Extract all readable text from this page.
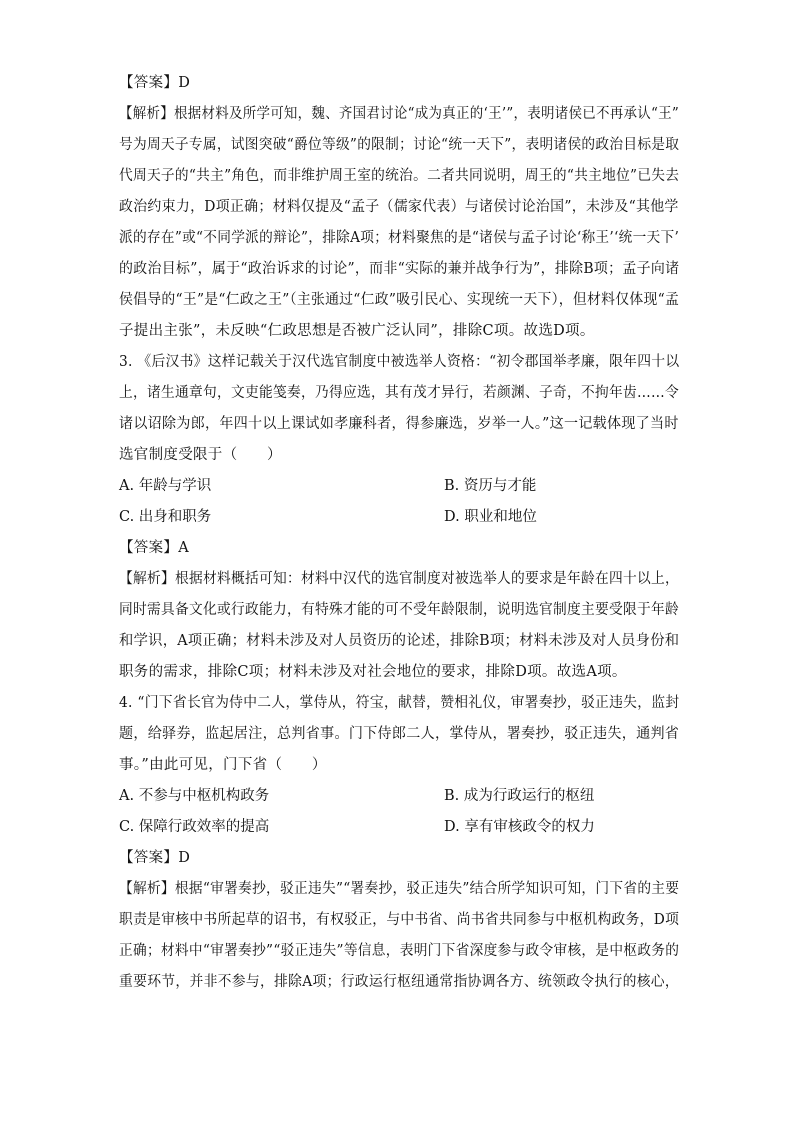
【答案】D
【解析】根据材料及所学可知，魏、齐国君讨论“成为真正的‘王’”，表明诸侯已不再承认“王”
号为周天子专属，试图突破“爵位等级”的限制；讨论“统一天下”，表明诸侯的政治目标是取
代周天子的“共主”角色，而非维护周王室的统治。二者共同说明，周王的“共主地位”已失去
政治约束力，D项正确；材料仅提及“孟子（儒家代表）与诸侯讨论治国”，未涉及“其他学
派的存在”或“不同学派的辩论”，排除A项；材料聚焦的是“诸侯与孟子讨论‘称王’‘统一天下’
的政治目标”，属于“政治诉求的讨论”，而非“实际的兼并战争行为”，排除B项；孟子向诸
侯倡导的“王”是“仁政之王”（主张通过“仁政”吸引民心、实现统一天下），但材料仅体现“孟
子提出主张”，未反映“仁政思想是否被广泛认同”，排除C项。故选D项。
3. 《后汉书》这样记载关于汉代选官制度中被选举人资格：“初令郡国举孝廉，限年四十以
上，诸生通章句，文吏能笺奏，乃得应选，其有茂才异行，若颜渊、子奇，不拘年齿……令
诸以诏除为郎，年四十以上课试如孝廉科者，得参廉选，岁举一人。”这一记载体现了当时
选官制度受限于（　　）
A. 年龄与学识	B. 资历与才能
C. 出身和职务	D. 职业和地位
【答案】A
【解析】根据材料概括可知：材料中汉代的选官制度对被选举人的要求是年龄在四十以上，
同时需具备文化或行政能力，有特殊才能的可不受年龄限制，说明选官制度主要受限于年龄
和学识，A项正确；材料未涉及对人员资历的论述，排除B项；材料未涉及对人员身份和
职务的需求，排除C项；材料未涉及对社会地位的要求，排除D项。故选A项。
4. “门下省长官为侍中二人，掌侍从，符宝，献替，赞相礼仪，审署奏抄，驳正违失，监封
题，给驿券，监起居注，总判省事。门下侍郎二人，掌侍从，署奏抄，驳正违失，通判省
事。”由此可见，门下省（　　）
A. 不参与中枢机构政务	B. 成为行政运行的枢纽
C. 保障行政效率的提高	D. 享有审核政令的权力
【答案】D
【解析】根据“审署奏抄，驳正违失”“署奏抄，驳正违失”结合所学知识可知，门下省的主要
职责是审核中书所起草的诏书，有权驳正，与中书省、尚书省共同参与中枢机构政务，D项
正确；材料中“审署奏抄”“驳正违失”等信息，表明门下省深度参与政令审核，是中枢政务的
重要环节，并非不参与，排除A项；行政运行枢纽通常指协调各方、统领政令执行的核心，
